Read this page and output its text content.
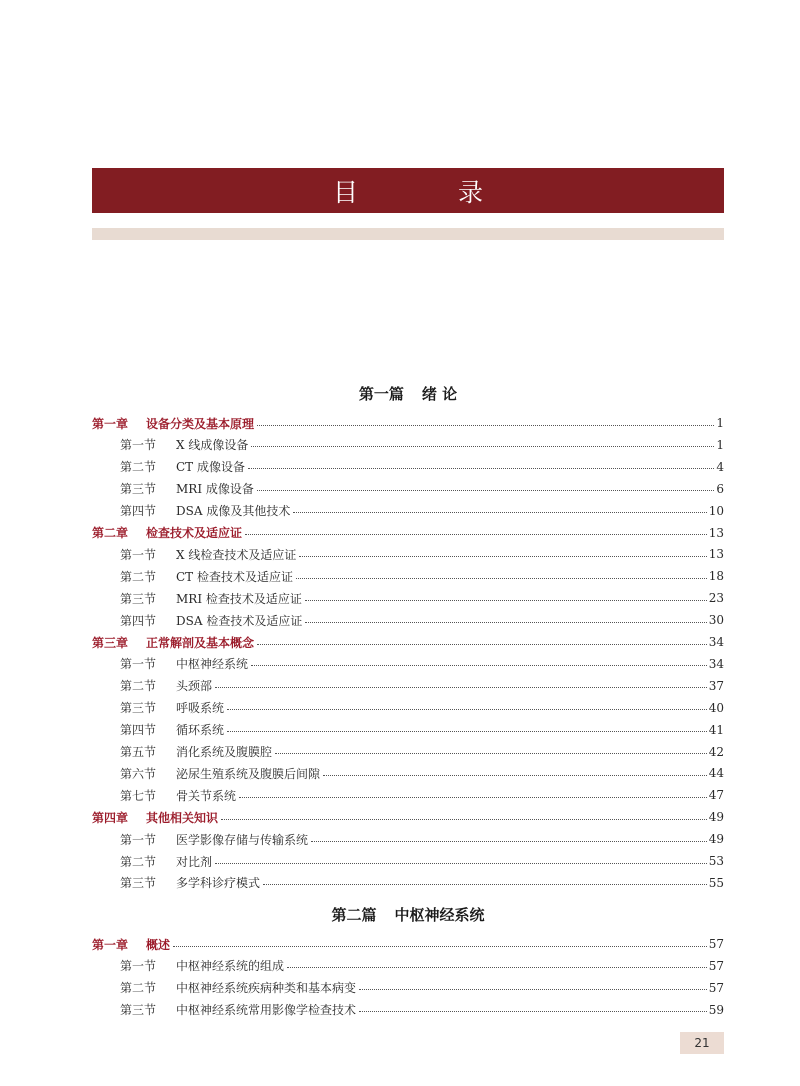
目 录
第一篇 绪 论
第一章	设备分类及基本原理	1
第一节	X 线成像设备	1
第二节	CT 成像设备	4
第三节	MRI 成像设备	6
第四节	DSA 成像及其他技术	10
第二章	检查技术及适应证	13
第一节	X 线检查技术及适应证	13
第二节	CT 检查技术及适应证	18
第三节	MRI 检查技术及适应证	23
第四节	DSA 检查技术及适应证	30
第三章	正常解剖及基本概念	34
第一节	中枢神经系统	34
第二节	头颈部	37
第三节	呼吸系统	40
第四节	循环系统	41
第五节	消化系统及腹膜腔	42
第六节	泌尿生殖系统及腹膜后间隙	44
第七节	骨关节系统	47
第四章	其他相关知识	49
第一节	医学影像存储与传输系统	49
第二节	对比剂	53
第三节	多学科诊疗模式	55
第二篇 中枢神经系统
第一章	概述	57
第一节	中枢神经系统的组成	57
第二节	中枢神经系统疾病种类和基本病变	57
第三节	中枢神经系统常用影像学检查技术	59
21
